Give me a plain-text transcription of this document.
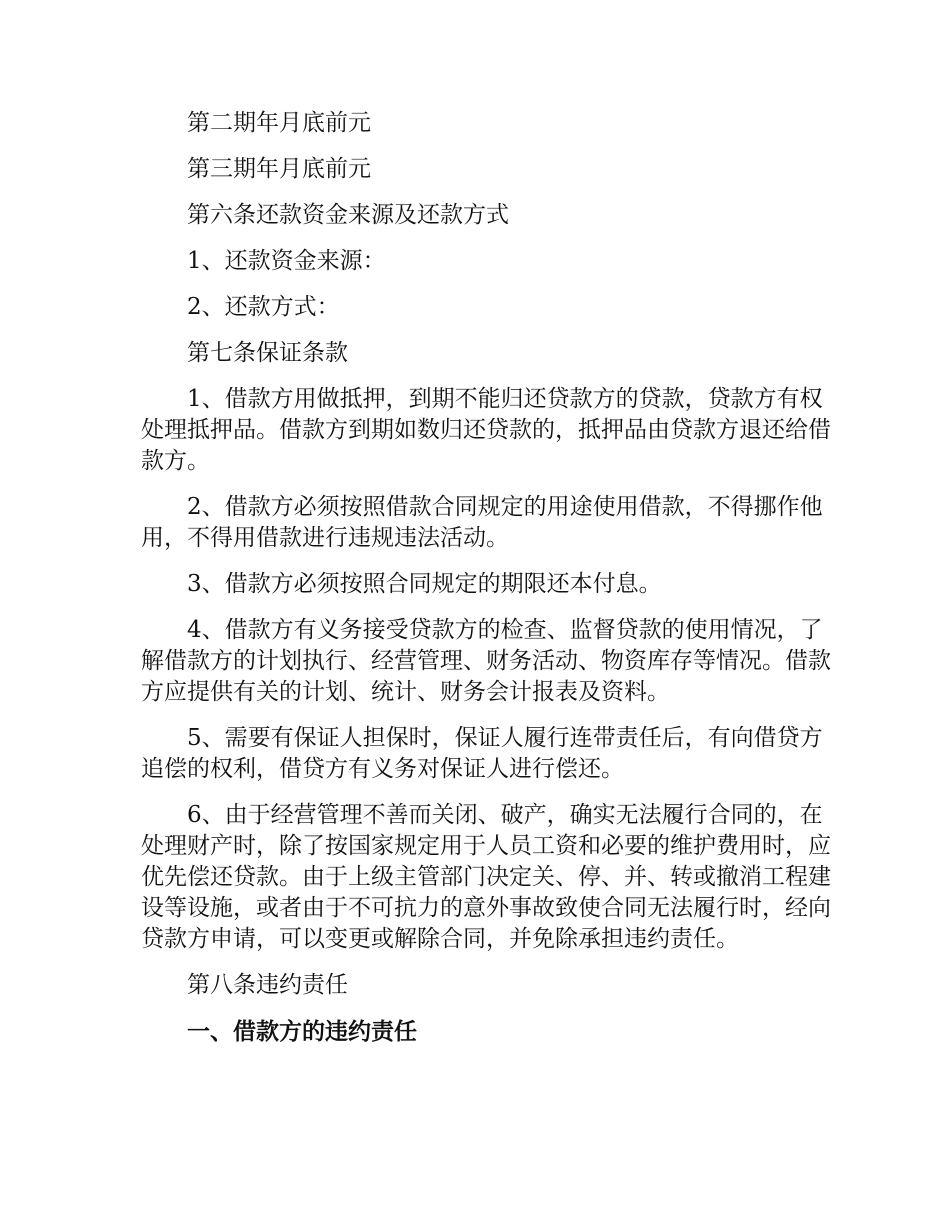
第二期年月底前元

第三期年月底前元

第六条还款资金来源及还款方式

1、还款资金来源：

2、还款方式：

第七条保证条款

1、借款方用做抵押，到期不能归还贷款方的贷款，贷款方有权处理抵押品。借款方到期如数归还贷款的，抵押品由贷款方退还给借款方。

2、借款方必须按照借款合同规定的用途使用借款，不得挪作他用，不得用借款进行违规违法活动。

3、借款方必须按照合同规定的期限还本付息。

4、借款方有义务接受贷款方的检查、监督贷款的使用情况，了解借款方的计划执行、经营管理、财务活动、物资库存等情况。借款方应提供有关的计划、统计、财务会计报表及资料。

5、需要有保证人担保时，保证人履行连带责任后，有向借贷方追偿的权利，借贷方有义务对保证人进行偿还。

6、由于经营管理不善而关闭、破产，确实无法履行合同的，在处理财产时，除了按国家规定用于人员工资和必要的维护费用时，应优先偿还贷款。由于上级主管部门决定关、停、并、转或撤消工程建设等设施，或者由于不可抗力的意外事故致使合同无法履行时，经向贷款方申请，可以变更或解除合同，并免除承担违约责任。

第八条违约责任

一、借款方的违约责任
